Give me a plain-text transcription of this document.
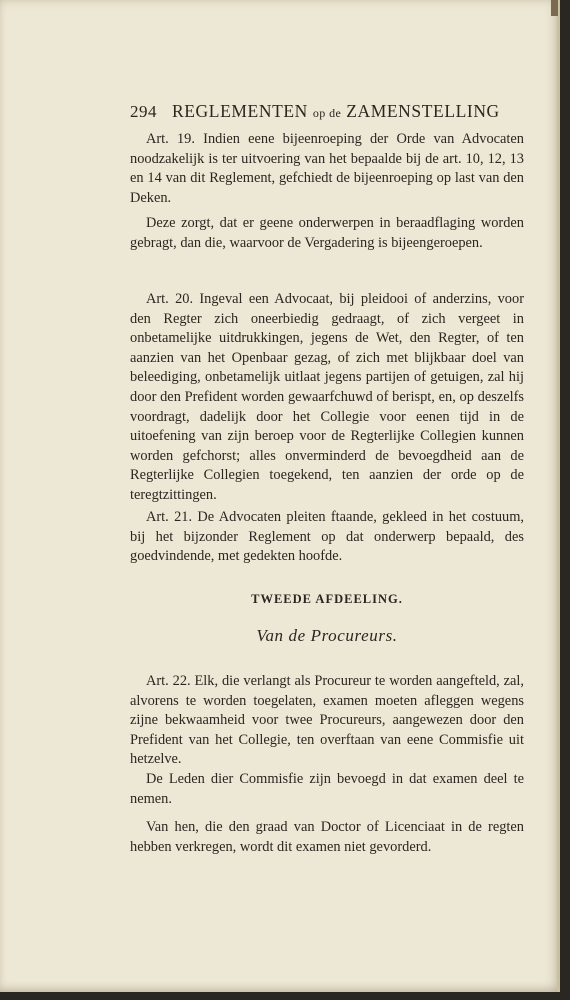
294 REGLEMENTEN op de ZAMENSTELLING

Art. 19. Indien eene bijeenroeping der Orde van Advocaten noodzakelijk is ter uitvoering van het bepaalde bij de art. 10, 12, 13 en 14 van dit Reglement, gefchiedt de bijeenroeping op last van den Deken.

Deze zorgt, dat er geene onderwerpen in beraadflaging worden gebragt, dan die, waarvoor de Vergadering is bijeengeroepen.

Art. 20. Ingeval een Advocaat, bij pleidooi of anderzins, voor den Regter zich oneerbiedig gedraagt, of zich vergeet in onbetamelijke uitdrukkingen, jegens de Wet, den Regter, of ten aanzien van het Openbaar gezag, of zich met blijkbaar doel van beleediging, onbetamelijk uitlaat jegens partijen of getuigen, zal hij door den Prefident worden gewaarfchuwd of berispt, en, op deszelfs voordragt, dadelijk door het Collegie voor eenen tijd in de uitoefening van zijn beroep voor de Regterlijke Collegien kunnen worden gefchorst; alles onverminderd de bevoegdheid aan de Regterlijke Collegien toegekend, ten aanzien der orde op de teregtzittingen.

Art. 21. De Advocaten pleiten ftaande, gekleed in het costuum, bij het bijzonder Reglement op dat onderwerp bepaald, des goedvindende, met gedekten hoofde.

TWEEDE AFDEELING.
Van de Procureurs.

Art. 22. Elk, die verlangt als Procureur te worden aangefteld, zal, alvorens te worden toegelaten, examen moeten afleggen wegens zijne bekwaamheid voor twee Procureurs, aangewezen door den Prefident van het Collegie, ten overftaan van eene Commisfie uit hetzelve.

De Leden dier Commisfie zijn bevoegd in dat examen deel te nemen.

Van hen, die den graad van Doctor of Licenciaat in de regten hebben verkregen, wordt dit examen niet gevorderd.
